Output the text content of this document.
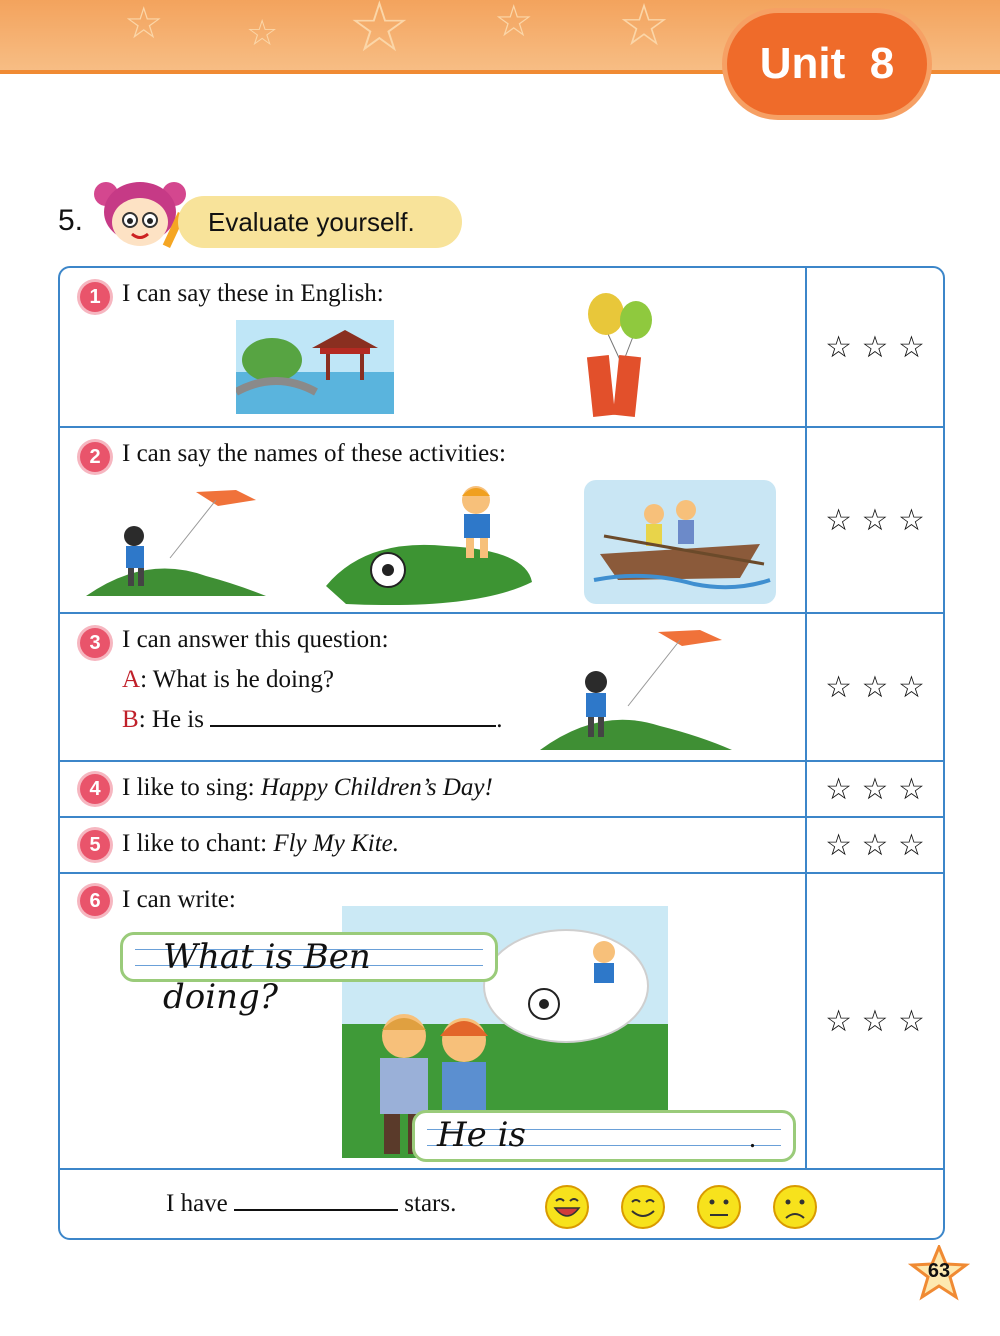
☆ ☆ ☆ ☆ ☆
Unit 8
5.	Evaluate yourself.
1 I can say these in English:
☆ ☆ ☆
2 I can say the names of these activities:
☆ ☆ ☆
3 I can answer this question:
A: What is he doing?
B: He is	.
☆ ☆ ☆
4 I like to sing: Happy Children’s Day!	☆ ☆ ☆
5 I like to chant: Fly My Kite.	☆ ☆ ☆
6 I can write:
What is Ben doing?
He is	.
☆ ☆ ☆
I have	stars.
63
